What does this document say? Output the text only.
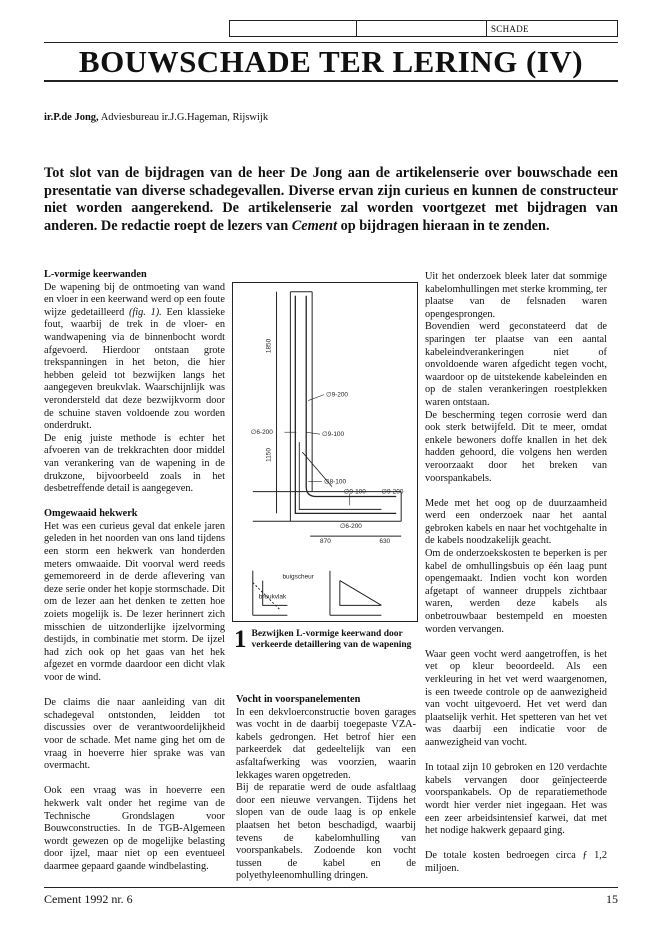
SCHADE
BOUWSCHADE TER LERING (IV)
ir.P.de Jong, Adviesbureau ir.J.G.Hageman, Rijswijk
Tot slot van de bijdragen van de heer De Jong aan de artikelenserie over bouwschade een presentatie van diverse schadegevallen. Diverse ervan zijn curieus en kunnen de constructeur niet worden aangerekend. De artikelenserie zal worden voortgezet met bijdragen van anderen. De redactie roept de lezers van Cement op bijdragen hieraan in te zenden.
L-vormige keerwanden

De wapening bij de ontmoeting van wand en vloer in een keerwand werd op een foute wijze gedetailleerd (fig. 1). Een klassieke fout, waarbij de trek in de vloer- en wandwapening via de binnenbocht wordt afgevoerd. Hierdoor ontstaan grote trekspanningen in het beton, die hier hebben geleid tot bezwijken langs het aangegeven breukvlak. Waarschijnlijk was verondersteld dat deze bezwijkvorm door de schuine staven voldoende zou worden onderdrukt.

De enig juiste methode is echter het afvoeren van de trekkrachten door middel van verankering van de wapening in de drukzone, bijvoorbeeld zoals in het desbetreffende detail is aangegeven.

Omgewaaid hekwerk

Het was een curieus geval dat enkele jaren geleden in het noorden van ons land tijdens een storm een hekwerk van honderden meters omwaaide. Dit voorval werd reeds gememoreerd in de derde aflevering van deze serie onder het kopje stormschade. Dit om de lezer aan het denken te zetten hoe zoiets mogelijk is. De lezer herinnert zich misschien de uitzonderlijke ijzelvorming destijds, in combinatie met storm. De ijzel had zich ook op het gaas van het hek afgezet en vormde daardoor een dicht vlak voor de wind.

De claims die naar aanleiding van dit schadegeval ontstonden, leidden tot discussies over de verantwoordelijkheid voor de schade. Met name ging het om de vraag in hoeverre hier sprake was van overmacht.

Ook een vraag was in hoeverre een hekwerk valt onder het regime van de Technische Grondslagen voor Bouwconstructies. In de TGB-Algemeen wordt gewezen op de mogelijke belasting door ijzel, maar niet op een eventueel daarmee gepaard gaande windbelasting.

1850
1150
∅9-200
∅6-200	∅9-100
∅8-100
∅9-100 ∅9-200
∅6-200
870	630
buigscheur
breukvlak
1 Bezwijken L-vormige keerwand door verkeerde detaillering van de wapening
Vocht in voorspanelementen

In een dekvloerconstructie boven garages was vocht in de daarbij toegepaste VZA-kabels gedrongen. Het betrof hier een parkeerdek dat gedeeltelijk van een asfaltafwerking was voorzien, waarin lekkages waren opgetreden.

Bij de reparatie werd de oude asfaltlaag door een nieuwe vervangen. Tijdens het slopen van de oude laag is op enkele plaatsen het beton beschadigd, waarbij tevens de kabelomhulling van voorspankabels. Zodoende kon vocht tussen de kabel en de polyethyleenomhulling dringen.

Uit het onderzoek bleek later dat sommige kabelomhullingen met sterke kromming, ter plaatse van de felsnaden waren opengesprongen.

Bovendien werd geconstateerd dat de sparingen ter plaatse van een aantal kabeleindverankeringen niet of onvoldoende waren afgedicht tegen vocht, waardoor op de uitstekende kabeleinden en op de stalen verankeringen roestplekken waren ontstaan.

De bescherming tegen corrosie werd dan ook sterk betwijfeld. Dit te meer, omdat enkele bewoners doffe knallen in het dek hadden gehoord, die volgens hen werden veroorzaakt door het breken van voorspankabels.

Mede met het oog op de duurzaamheid werd een onderzoek naar het aantal gebroken kabels en naar het vochtgehalte in de kabels noodzakelijk geacht.

Om de onderzoekskosten te beperken is per kabel de omhullingsbuis op één laag punt opengemaakt. Indien vocht kon worden afgetapt of wanneer druppels zichtbaar waren, werden deze kabels als onbetrouwbaar bestempeld en moesten worden vervangen.

Waar geen vocht werd aangetroffen, is het vet op kleur beoordeeld. Als een verkleuring in het vet werd waargenomen, is een tweede controle op de aanwezigheid van vocht uitgevoerd. Het vet werd dan plaatselijk verhit. Het spetteren van het vet was daarbij een indicatie voor de aanwezigheid van vocht.

In totaal zijn 10 gebroken en 120 verdachte kabels vervangen door geïnjecteerde voorspankabels. Op de reparatiemethode wordt hier verder niet ingegaan. Het was een zeer arbeidsintensief karwei, dat met het nodige hakwerk gepaard ging.

De totale kosten bedroegen circa ƒ 1,2 miljoen.

Cement 1992 nr. 6	15
